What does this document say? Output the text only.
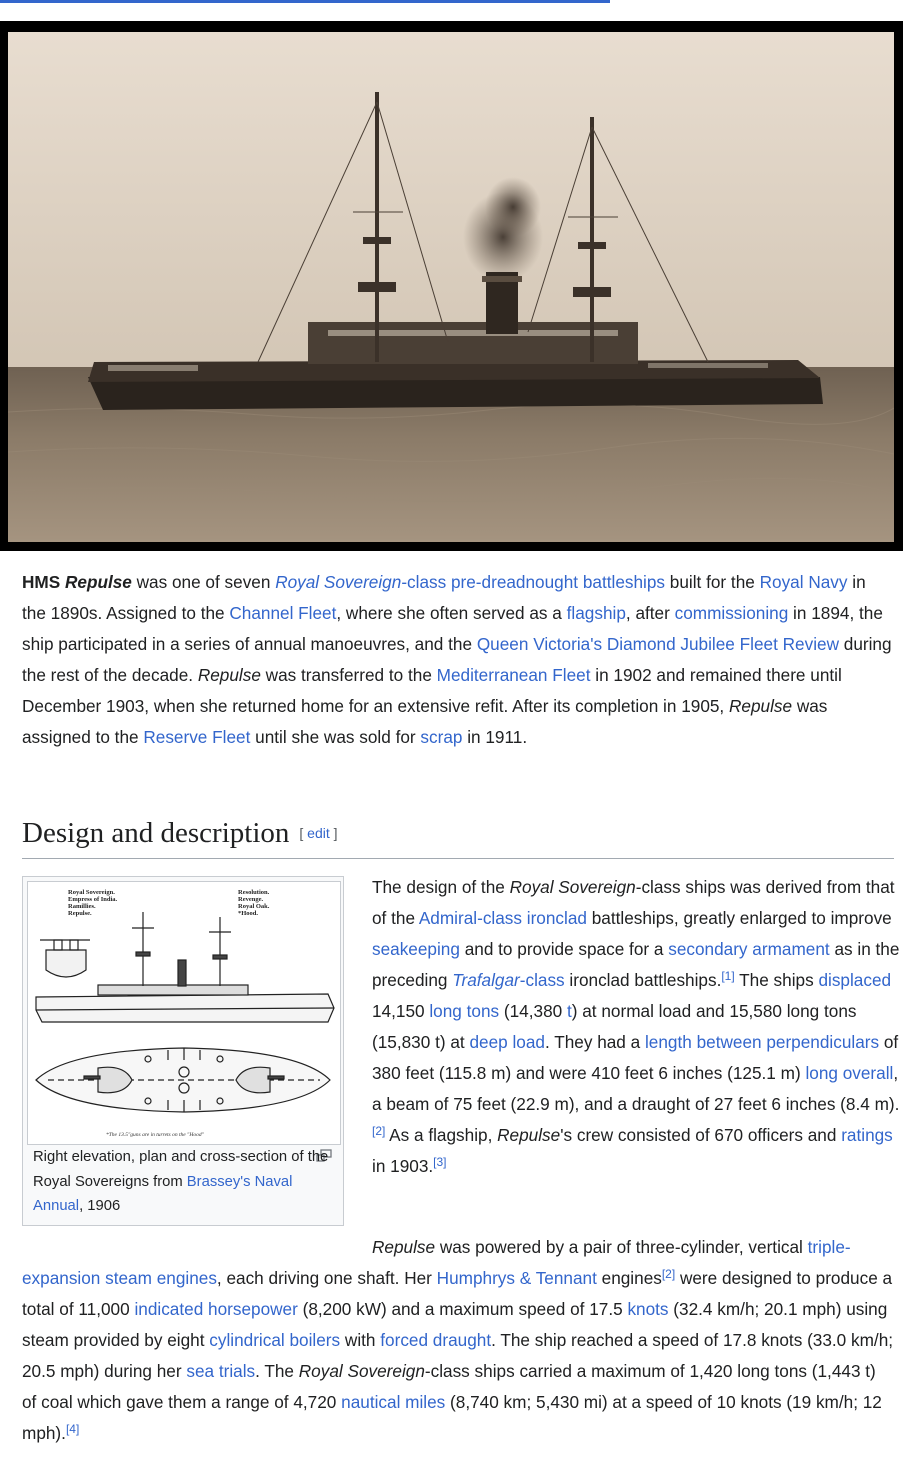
HMS Repulse was one of seven Royal Sovereign-class pre-dreadnought battleships built for the Royal Navy in the 1890s. Assigned to the Channel Fleet, where she often served as a flagship, after commissioning in 1894, the ship participated in a series of annual manoeuvres, and the Queen Victoria's Diamond Jubilee Fleet Review during the rest of the decade. Repulse was transferred to the Mediterranean Fleet in 1902 and remained there until December 1903, when she returned home for an extensive refit. After its completion in 1905, Repulse was assigned to the Reserve Fleet until she was sold for scrap in 1911.

Design and description [ edit ]
Royal Sovereign.
Empress of India.
Ramillies.
Repulse.
Resolution.
Revenge.
Royal Oak.
*Hood.
*The 13.5"guns are in turrets on the "Hood"
Right elevation, plan and cross-section of the Royal Sovereigns from Brassey's Naval Annual, 1906

The design of the Royal Sovereign-class ships was derived from that of the Admiral-class ironclad battleships, greatly enlarged to improve seakeeping and to provide space for a secondary armament as in the preceding Trafalgar-class ironclad battleships.[1] The ships displaced 14,150 long tons (14,380 t) at normal load and 15,580 long tons (15,830 t) at deep load. They had a length between perpendiculars of 380 feet (115.8 m) and were 410 feet 6 inches (125.1 m) long overall, a beam of 75 feet (22.9 m), and a draught of 27 feet 6 inches (8.4 m).[2] As a flagship, Repulse's crew consisted of 670 officers and ratings in 1903.[3]

Repulse was powered by a pair of three-cylinder, vertical triple-expansion steam engines, each driving one shaft. Her Humphrys & Tennant engines[2] were designed to produce a total of 11,000 indicated horsepower (8,200 kW) and a maximum speed of 17.5 knots (32.4 km/h; 20.1 mph) using steam provided by eight cylindrical boilers with forced draught. The ship reached a speed of 17.8 knots (33.0 km/h; 20.5 mph) during her sea trials. The Royal Sovereign-class ships carried a maximum of 1,420 long tons (1,443 t) of coal which gave them a range of 4,720 nautical miles (8,740 km; 5,430 mi) at a speed of 10 knots (19 km/h; 12 mph).[4]
